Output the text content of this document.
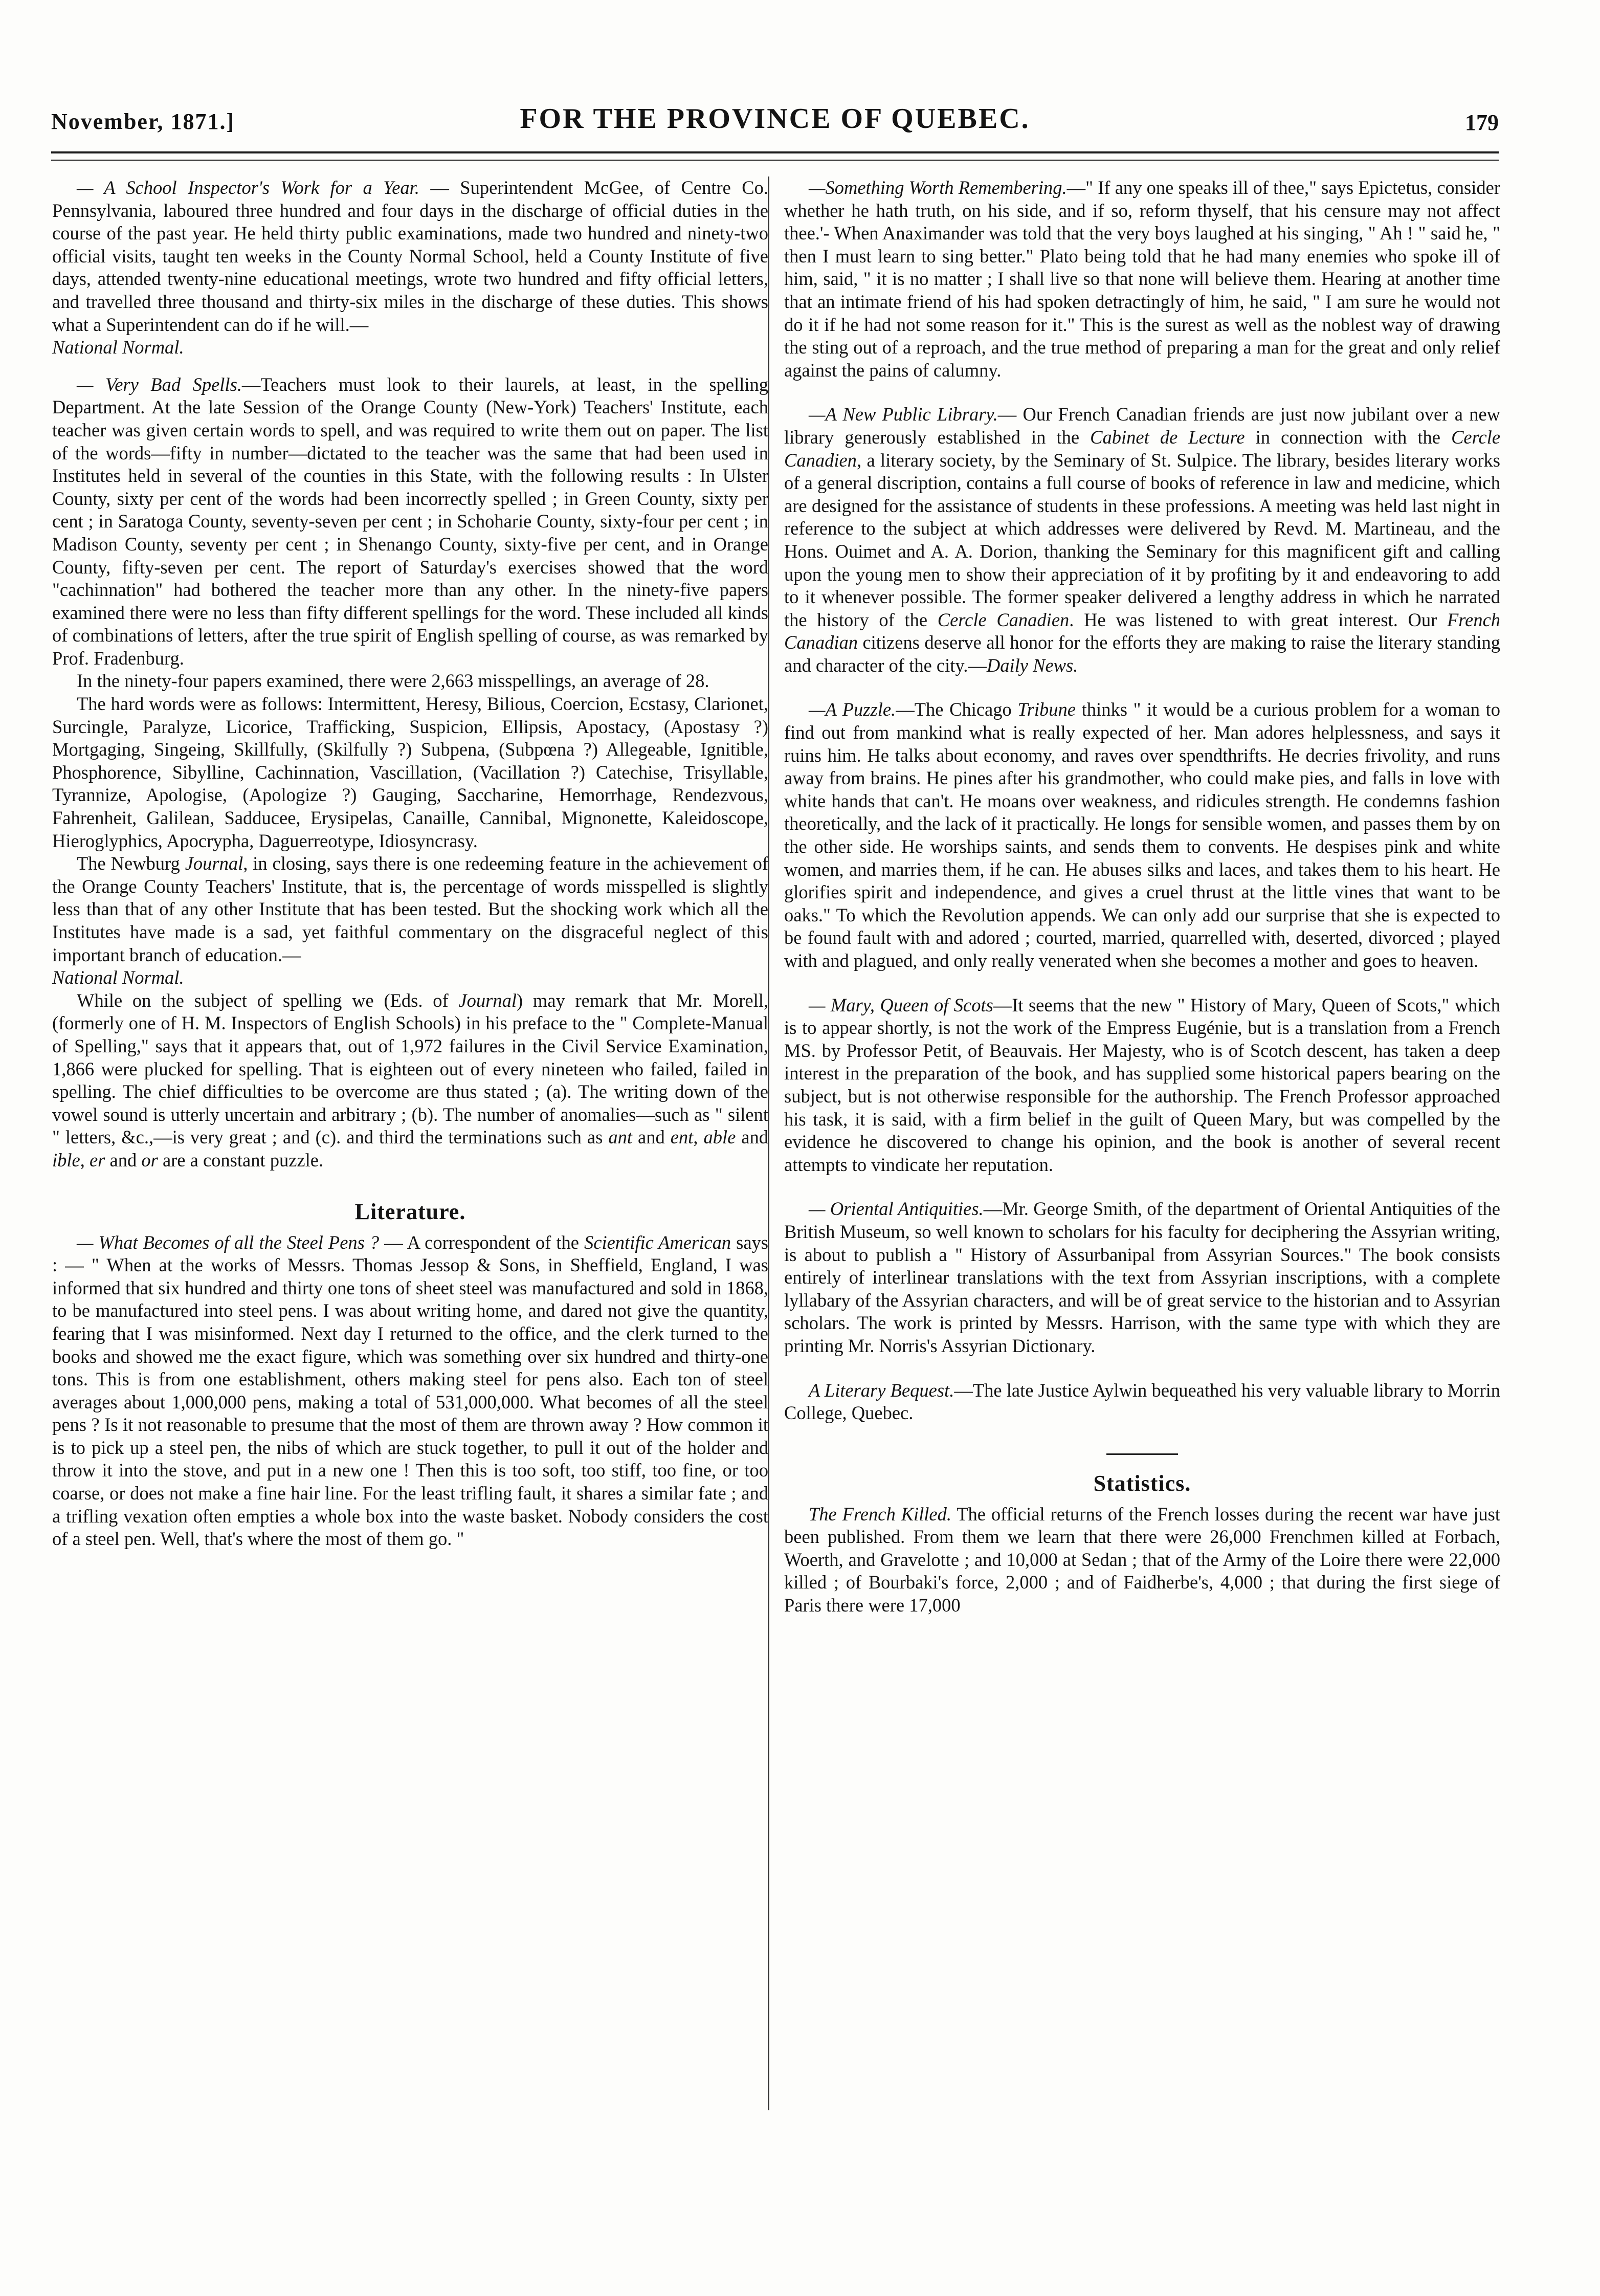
November, 1871.]	FOR THE PROVINCE OF QUEBEC.	179

— A School Inspector's Work for a Year. — Superintendent McGee, of Centre Co. Pennsylvania, laboured three hundred and four days in the discharge of official duties in the course of the past year. He held thirty public examinations, made two hundred and ninety-two official visits, taught ten weeks in the County Normal School, held a County Institute of five days, attended twenty-nine educational meetings, wrote two hundred and fifty official letters, and travelled three thousand and thirty-six miles in the discharge of these duties. This shows what a Superintendent can do if he will.—
National Normal.

— Very Bad Spells.—Teachers must look to their laurels, at least, in the spelling Department. At the late Session of the Orange County (New-York) Teachers' Institute, each teacher was given certain words to spell, and was required to write them out on paper. The list of the words—fifty in number—dictated to the teacher was the same that had been used in Institutes held in several of the counties in this State, with the following results : In Ulster County, sixty per cent of the words had been incorrectly spelled ; in Green County, sixty per cent ; in Saratoga County, seventy-seven per cent ; in Schoharie County, sixty-four per cent ; in Madison County, seventy per cent ; in Shenango County, sixty-five per cent, and in Orange County, fifty-seven per cent. The report of Saturday's exercises showed that the word "cachinnation" had bothered the teacher more than any other. In the ninety-five papers examined there were no less than fifty different spellings for the word. These included all kinds of combinations of letters, after the true spirit of English spelling of course, as was remarked by Prof. Fradenburg.

In the ninety-four papers examined, there were 2,663 misspellings, an average of 28.

The hard words were as follows: Intermittent, Heresy, Bilious, Coercion, Ecstasy, Clarionet, Surcingle, Paralyze, Licorice, Trafficking, Suspicion, Ellipsis, Apostacy, (Apostasy ?) Mortgaging, Singeing, Skillfully, (Skilfully ?) Subpena, (Subpœna ?) Allegeable, Ignitible, Phosphorence, Sibylline, Cachinnation, Vascillation, (Vacillation ?) Catechise, Trisyllable, Tyrannize, Apologise, (Apologize ?) Gauging, Saccharine, Hemorrhage, Rendezvous, Fahrenheit, Galilean, Sadducee, Erysipelas, Canaille, Cannibal, Mignonette, Kaleidoscope, Hieroglyphics, Apocrypha, Daguerreotype, Idiosyncrasy.

The Newburg Journal, in closing, says there is one redeeming feature in the achievement of the Orange County Teachers' Institute, that is, the percentage of words misspelled is slightly less than that of any other Institute that has been tested. But the shocking work which all the Institutes have made is a sad, yet faithful commentary on the disgraceful neglect of this important branch of education.—
National Normal.

While on the subject of spelling we (Eds. of Journal) may remark that Mr. Morell, (formerly one of H. M. Inspectors of English Schools) in his preface to the " Complete-Manual of Spelling," says that it appears that, out of 1,972 failures in the Civil Service Examination, 1,866 were plucked for spelling. That is eighteen out of every nineteen who failed, failed in spelling. The chief difficulties to be overcome are thus stated ; (a). The writing down of the vowel sound is utterly uncertain and arbitrary ; (b). The number of anomalies—such as " silent " letters, &c.,—is very great ; and (c). and third the terminations such as ant and ent, able and ible, er and or are a constant puzzle.

Literature.

— What Becomes of all the Steel Pens ? — A correspondent of the Scientific American says : — " When at the works of Messrs. Thomas Jessop & Sons, in Sheffield, England, I was informed that six hundred and thirty one tons of sheet steel was manufactured and sold in 1868, to be manufactured into steel pens. I was about writing home, and dared not give the quantity, fearing that I was misinformed. Next day I returned to the office, and the clerk turned to the books and showed me the exact figure, which was something over six hundred and thirty-one tons. This is from one establishment, others making steel for pens also. Each ton of steel averages about 1,000,000 pens, making a total of 531,000,000. What becomes of all the steel pens ? Is it not reasonable to presume that the most of them are thrown away ? How common it is to pick up a steel pen, the nibs of which are stuck together, to pull it out of the holder and throw it into the stove, and put in a new one ! Then this is too soft, too stiff, too fine, or too coarse, or does not make a fine hair line. For the least trifling fault, it shares a similar fate ; and a trifling vexation often empties a whole box into the waste basket. Nobody considers the cost of a steel pen. Well, that's where the most of them go. "

—Something Worth Remembering.—" If any one speaks ill of thee," says Epictetus, consider whether he hath truth, on his side, and if so, reform thyself, that his censure may not affect thee.'- When Anaximander was told that the very boys laughed at his singing, " Ah ! " said he, " then I must learn to sing better." Plato being told that he had many enemies who spoke ill of him, said, " it is no matter ; I shall live so that none will believe them. Hearing at another time that an intimate friend of his had spoken detractingly of him, he said, " I am sure he would not do it if he had not some reason for it." This is the surest as well as the noblest way of drawing the sting out of a reproach, and the true method of preparing a man for the great and only relief against the pains of calumny.

—A New Public Library.— Our French Canadian friends are just now jubilant over a new library generously established in the Cabinet de Lecture in connection with the Cercle Canadien, a literary society, by the Seminary of St. Sulpice. The library, besides literary works of a general discription, contains a full course of books of reference in law and medicine, which are designed for the assistance of students in these professions. A meeting was held last night in reference to the subject at which addresses were delivered by Revd. M. Martineau, and the Hons. Ouimet and A. A. Dorion, thanking the Seminary for this magnificent gift and calling upon the young men to show their appreciation of it by profiting by it and endeavoring to add to it whenever possible. The former speaker delivered a lengthy address in which he narrated the history of the Cercle Canadien. He was listened to with great interest. Our French Canadian citizens deserve all honor for the efforts they are making to raise the literary standing and character of the city.—Daily News.

—A Puzzle.—The Chicago Tribune thinks " it would be a curious problem for a woman to find out from mankind what is really expected of her. Man adores helplessness, and says it ruins him. He talks about economy, and raves over spendthrifts. He decries frivolity, and runs away from brains. He pines after his grandmother, who could make pies, and falls in love with white hands that can't. He moans over weakness, and ridicules strength. He condemns fashion theoretically, and the lack of it practically. He longs for sensible women, and passes them by on the other side. He worships saints, and sends them to convents. He despises pink and white women, and marries them, if he can. He abuses silks and laces, and takes them to his heart. He glorifies spirit and independence, and gives a cruel thrust at the little vines that want to be oaks." To which the Revolution appends. We can only add our surprise that she is expected to be found fault with and adored ; courted, married, quarrelled with, deserted, divorced ; played with and plagued, and only really venerated when she becomes a mother and goes to heaven.

— Mary, Queen of Scots—It seems that the new " History of Mary, Queen of Scots," which is to appear shortly, is not the work of the Empress Eugénie, but is a translation from a French MS. by Professor Petit, of Beauvais. Her Majesty, who is of Scotch descent, has taken a deep interest in the preparation of the book, and has supplied some historical papers bearing on the subject, but is not otherwise responsible for the authorship. The French Professor approached his task, it is said, with a firm belief in the guilt of Queen Mary, but was compelled by the evidence he discovered to change his opinion, and the book is another of several recent attempts to vindicate her reputation.

— Oriental Antiquities.—Mr. George Smith, of the department of Oriental Antiquities of the British Museum, so well known to scholars for his faculty for deciphering the Assyrian writing, is about to publish a " History of Assurbanipal from Assyrian Sources." The book consists entirely of interlinear translations with the text from Assyrian inscriptions, with a complete lyllabary of the Assyrian characters, and will be of great service to the historian and to Assyrian scholars. The work is printed by Messrs. Harrison, with the same type with which they are printing Mr. Norris's Assyrian Dictionary.

A Literary Bequest.—The late Justice Aylwin bequeathed his very valuable library to Morrin College, Quebec.

Statistics.

The French Killed. The official returns of the French losses during the recent war have just been published. From them we learn that there were 26,000 Frenchmen killed at Forbach, Woerth, and Gravelotte ; and 10,000 at Sedan ; that of the Army of the Loire there were 22,000 killed ; of Bourbaki's force, 2,000 ; and of Faidherbe's, 4,000 ; that during the first siege of Paris there were 17,000
